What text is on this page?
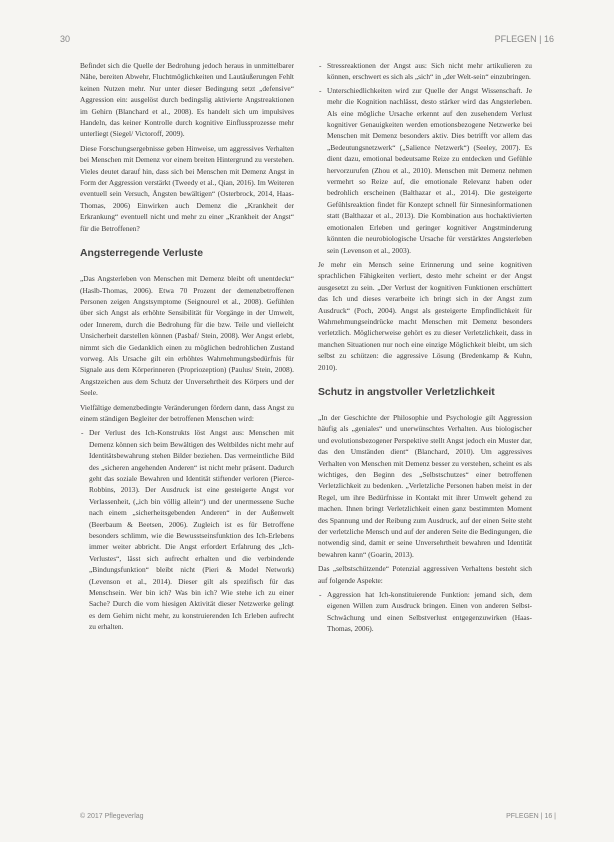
30	PFLEGEN | 16

Befindet sich die Quelle der Bedrohung jedoch heraus in unmittelbarer Nähe, bereiten Abwehr, Fluchtmöglichkeiten und Lautäußerungen Fehlt keinen Nutzen mehr. Nur unter dieser Bedingung setzt „defensive“ Aggression ein: ausgelöst durch bedingslig aktivierte Angstreaktionen im Gehirn (Blanchard et al., 2008). Es handelt sich um impulsives Handeln, das keiner Kontrolle durch kognitive Einflussprozesse mehr unterliegt (Siegel/ Victoroff, 2009).

Diese Forschungsergebnisse geben Hinweise, um aggressives Verhalten bei Menschen mit Demenz vor einem breiten Hintergrund zu verstehen. Vieles deutet darauf hin, dass sich bei Menschen mit Demenz Angst in Form der Aggression verstärkt (Tweedy et al., Qian, 2016). Im Weiteren eventuell sein Versuch, Ängsten bewältigen“ (Osterbrock, 2014, Haas-Thomas, 2006) Einwirken auch Demenz die „Krankheit der Erkrankung“ eventuell nicht und mehr zu einer „Krankheit der Angst“ für die Betroffenen?

Angsterregende Verluste

„Das Angsterleben von Menschen mit Demenz bleibt oft unentdeckt“ (Haslb-Thomas, 2006). Etwa 70 Prozent der demenzbetroffenen Personen zeigen Angstsymptome (Seignourel et al., 2008). Gefühlen über sich Angst als erhöhte Sensibilität für Vorgänge in der Umwelt, oder Innerem, durch die Bedrohung für die bzw. Teile und vielleicht Unsicherheit darstellen können (Pasbaf/ Stein, 2008). Wer Angst erlebt, nimmt sich die Gedanklich einen zu möglichen bedrohlichen Zustand vorweg. Als Ursache gilt ein erhöhtes Wahrnehmungsbedürfnis für Signale aus dem Körperinneren (Propriozeption) (Paulus/ Stein, 2008). Angstzeichen aus dem Schutz der Unversehrtheit des Körpers und der Seele.

Vielfältige demenzbedingte Veränderungen fördern dann, dass Angst zu einem ständigen Begleiter der betroffenen Menschen wird:

- Der Verlust des Ich-Konstrukts löst Angst aus: Menschen mit Demenz können sich beim Bewältigen des Weltbildes nicht mehr auf Identitätsbewahrung stehen Bilder beziehen. Das vermeintliche Bild des „sicheren angehenden Anderen“ ist nicht mehr präsent. Dadurch geht das soziale Bewahren und Identität stiftender verloren (Pierce-Robbins, 2013). Der Ausdruck ist eine gesteigerte Angst vor Verlassenheit, („ich bin völlig allein“) und der unermessene Suche nach einem „sicherheitsgebenden Anderen“ in der Außenwelt (Beerbaum & Beetsen, 2006). Zugleich ist es für Betroffene besonders schlimm, wie die Bewusstseinsfunktion des Ich-Erlebens immer weiter abbricht. Die Angst erfordert Erfahrung des „Ich-Verlustes“, lässt sich aufrecht erhalten und die verbindende „Bindungsfunktion“ bleibt nicht (Pieri & Model Network) (Levenson et al., 2014). Dieser gilt als spezifisch für das Menschsein. Wer bin ich? Was bin ich? Wie stehe ich zu einer Sache? Durch die vom hiesigen Aktivität dieser Netzwerke gelingt es dem Gehirn nicht mehr, zu konstruierenden Ich Erleben aufrecht zu erhalten.
- Stressreaktionen der Angst aus: Sich nicht mehr artikulieren zu können, erschwert es sich als „sich“ in „der Welt-sein“ einzubringen.
- Unterschiedlichkeiten wird zur Quelle der Angst Wissenschaft. Je mehr die Kognition nachlässt, desto stärker wird das Angsterleben. Als eine mögliche Ursache erkennt auf den zusehendem Verlust kognitiver Genauigkeiten werden emotionsbezogene Netzwerke bei Menschen mit Demenz besonders aktiv. Dies betrifft vor allem das „Bedeutungsnetzwerk“ („Salience Netzwerk“) (Seeley, 2007). Es dient dazu, emotional bedeutsame Reize zu entdecken und Gefühle hervorzurufen (Zhou et al., 2010). Menschen mit Demenz nehmen vermehrt so Reize auf, die emotionale Relevanz haben oder bedrohlich erscheinen (Balthazar et al., 2014). Die gesteigerte Gefühlsreaktion findet für Konzept schnell für Sinnesinformationen statt (Balthazar et al., 2013). Die Kombination aus hochaktivierten emotionalen Erleben und geringer kognitiver Angstminderung könnten die neurobiologische Ursache für verstärktes Angsterleben sein (Levenson et al., 2003).

Je mehr ein Mensch seine Erinnerung und seine kognitiven sprachlichen Fähigkeiten verliert, desto mehr scheint er der Angst ausgesetzt zu sein. „Der Verlust der kognitiven Funktionen erschüttert das Ich und dieses verarbeite ich bringt sich in der Angst zum Ausdruck“ (Poch, 2004). Angst als gesteigerte Empfindlichkeit für Wahrnehmungseindrücke macht Menschen mit Demenz besonders verletzlich. Möglicherweise gehört es zu dieser Verletzlichkeit, dass in manchen Situationen nur noch eine einzige Möglichkeit bleibt, um sich selbst zu schützen: die aggressive Lösung (Bredenkamp & Kuhn, 2010).

Schutz in angstvoller Verletzlichkeit

„In der Geschichte der Philosophie und Psychologie gilt Aggression häufig als „geniales“ und unerwünschtes Verhalten. Aus biologischer und evolutionsbezogener Perspektive stellt Angst jedoch ein Muster dar, das den Umständen dient“ (Blanchard, 2010). Um aggressives Verhalten von Menschen mit Demenz besser zu verstehen, scheint es als wichtiges, den Beginn des „Selbstschutzes“ einer betroffenen Verletzlichkeit zu bedenken. „Verletzliche Personen haben meist in der Regel, um ihre Bedürfnisse in Kontakt mit ihrer Umwelt gehend zu machen. Ihnen bringt Verletzlichkeit einen ganz bestimmten Moment des Spannung und der Reibung zum Ausdruck, auf der einen Seite steht der verletzliche Mensch und auf der anderen Seite die Bedingungen, die notwendig sind, damit er seine Unversehrtheit bewahren und Identität bewahren kann“ (Goarin, 2013).

Das „selbstschützende“ Potenzial aggressiven Verhaltens besteht sich auf folgende Aspekte:

- Aggression hat Ich-konstituierende Funktion: jemand sich, dem eigenen Willen zum Ausdruck bringen. Einen von anderen Selbst-Schwächung und einen Selbstverlust entgegenzuwirken (Haas-Thomas, 2006).
© 2017 Pflegeverlag	PFLEGEN | 16 |
